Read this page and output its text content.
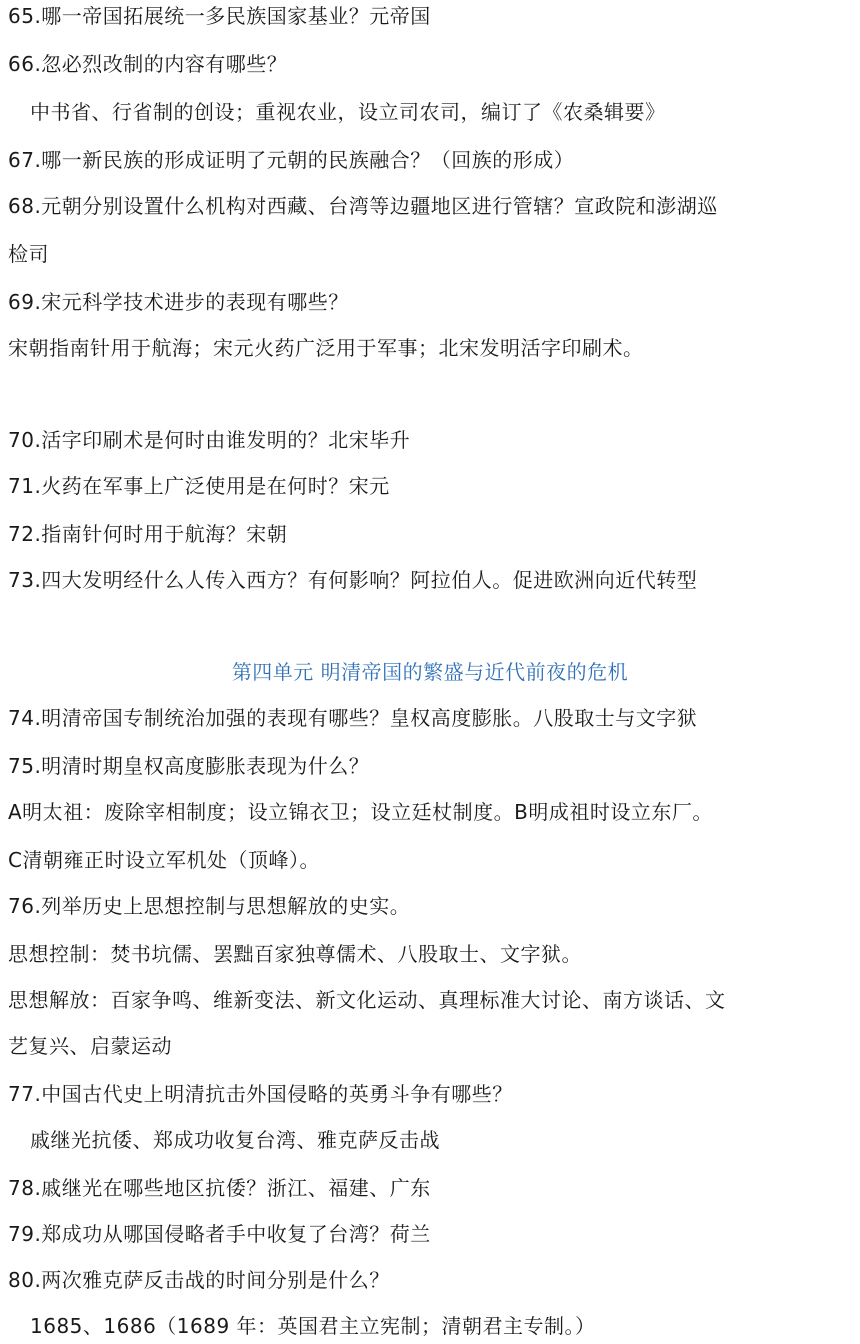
65.哪一帝国拓展统一多民族国家基业？元帝国
66.忽必烈改制的内容有哪些？
中书省、行省制的创设；重视农业，设立司农司，编订了《农桑辑要》
67.哪一新民族的形成证明了元朝的民族融合？（回族的形成）
68.元朝分别设置什么机构对西藏、台湾等边疆地区进行管辖？宣政院和澎湖巡
检司
69.宋元科学技术进步的表现有哪些？
宋朝指南针用于航海；宋元火药广泛用于军事；北宋发明活字印刷术。
70.活字印刷术是何时由谁发明的？北宋毕升
71.火药在军事上广泛使用是在何时？宋元
72.指南针何时用于航海？宋朝
73.四大发明经什么人传入西方？有何影响？阿拉伯人。促进欧洲向近代转型
第四单元 明清帝国的繁盛与近代前夜的危机
74.明清帝国专制统治加强的表现有哪些？皇权高度膨胀。八股取士与文字狱
75.明清时期皇权高度膨胀表现为什么？
A明太祖：废除宰相制度；设立锦衣卫；设立廷杖制度。B明成祖时设立东厂。
C清朝雍正时设立军机处（顶峰）。
76.列举历史上思想控制与思想解放的史实。
思想控制：焚书坑儒、罢黜百家独尊儒术、八股取士、文字狱。
思想解放：百家争鸣、维新变法、新文化运动、真理标准大讨论、南方谈话、文
艺复兴、启蒙运动
77.中国古代史上明清抗击外国侵略的英勇斗争有哪些？
戚继光抗倭、郑成功收复台湾、雅克萨反击战
78.戚继光在哪些地区抗倭？浙江、福建、广东
79.郑成功从哪国侵略者手中收复了台湾？荷兰
80.两次雅克萨反击战的时间分别是什么？
1685、1686（1689 年：英国君主立宪制；清朝君主专制。）
